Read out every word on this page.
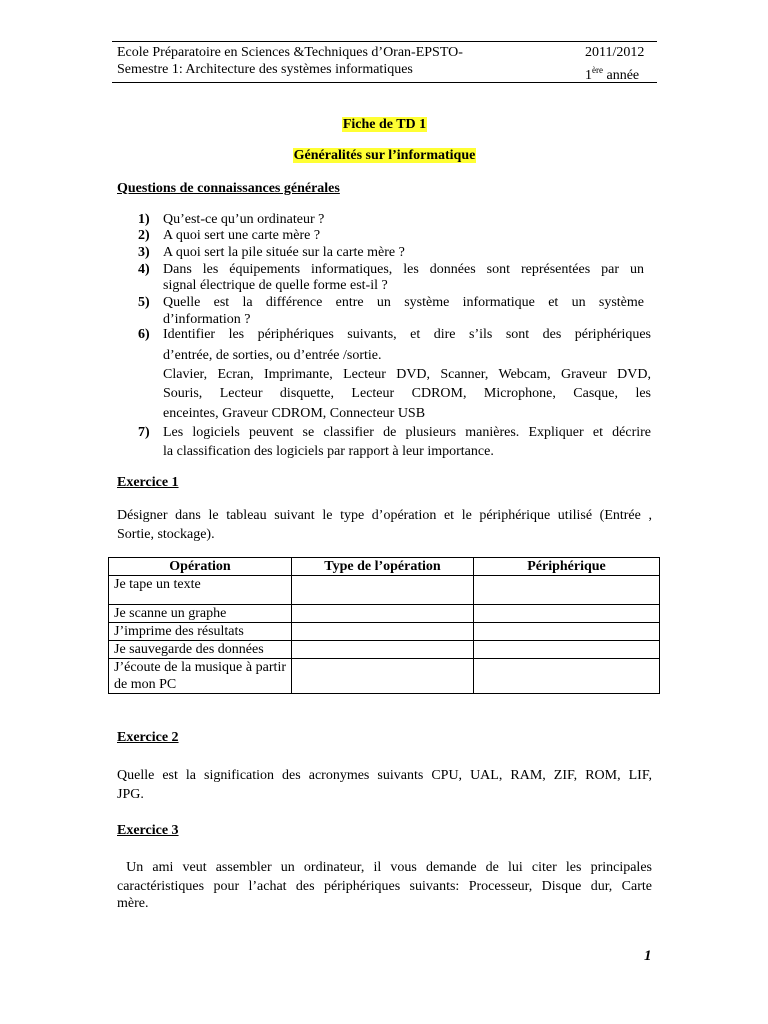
Ecole Préparatoire en Sciences &Techniques d’Oran-EPSTO-
Semestre 1: Architecture des systèmes informatiques
2011/2012
1ère année
Fiche de TD 1
Généralités sur l’informatique
Questions de connaissances générales
1) Qu’est-ce qu’un ordinateur ?
2) A quoi sert une carte mère ?
3) A quoi sert la pile située sur la carte mère ?
4) Dans les équipements informatiques, les données sont représentées par un
signal électrique de quelle forme est-il ?
5) Quelle est la différence entre un système informatique et un système
d’information ?
6) Identifier les périphériques suivants, et dire s’ils sont des périphériques
d’entrée, de sorties, ou d’entrée /sortie.
Clavier, Ecran, Imprimante, Lecteur DVD, Scanner, Webcam, Graveur DVD,
Souris, Lecteur disquette, Lecteur CDROM, Microphone, Casque, les
enceintes, Graveur CDROM, Connecteur USB
7) Les logiciels peuvent se classifier de plusieurs manières. Expliquer et décrire
la classification des logiciels par rapport à leur importance.
Exercice 1
Désigner dans le tableau suivant le type d’opération et le périphérique utilisé (Entrée ,
Sortie, stockage).
Opération	Type de l’opération	Périphérique
Je tape un texte		
Je scanne un graphe		
J’imprime des résultats		
Je sauvegarde des données		
J’écoute de la musique à partir de mon PC		
Exercice 2
Quelle est la signification des acronymes suivants CPU, UAL, RAM, ZIF, ROM, LIF,
JPG.
Exercice 3
Un ami veut assembler un ordinateur, il vous demande de lui citer les principales
caractéristiques pour l’achat des périphériques suivants: Processeur, Disque dur, Carte
mère.
1
